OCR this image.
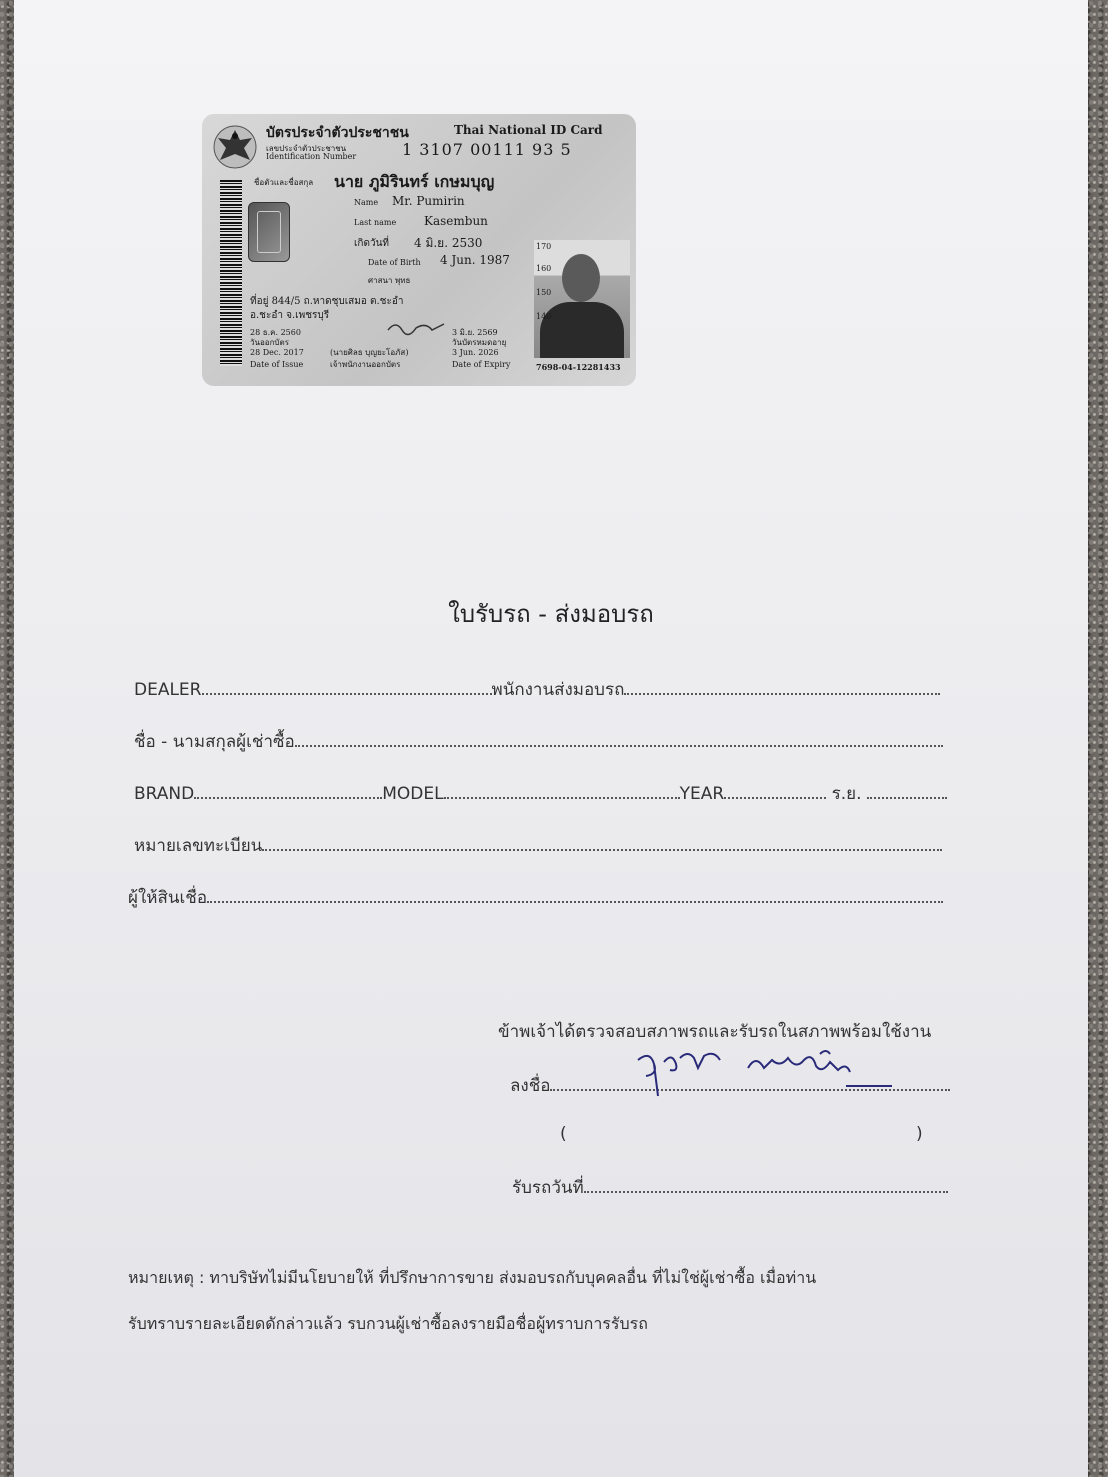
บัตรประจำตัวประชาชน	Thai National ID Card
เลขประจำตัวประชาชน
Identification Number	1 3107 00111 93 5
ชื่อตัวและชื่อสกุล นาย ภูมิรินทร์ เกษมบุญ
Name Mr. Pumirin
Last name Kasembun
เกิดวันที่ 4 มิ.ย. 2530
Date of Birth 4 Jun. 1987
ศาสนา พุทธ
ที่อยู่ 844/5 ถ.หาดชุบเสมอ ต.ชะอำ
อ.ชะอำ จ.เพชรบุรี
28 ธ.ค. 2560
วันออกบัตร
28 Dec. 2017
Date of Issue
(นายศิลธ บุญยะโอภัส)
เจ้าพนักงานออกบัตร
3 มิ.ย. 2569
วันบัตรหมดอายุ
3 Jun. 2026
Date of Expiry
170
160
150
140
7698-04-12281433
ใบรับรถ - ส่งมอบรถ
DEALER	พนักงานส่งมอบรถ
ชื่อ - นามสกุลผู้เช่าซื้อ
BRAND	MODEL	YEAR	ร.ย.
หมายเลขทะเบียน
ผู้ให้สินเชื่อ
ข้าพเจ้าได้ตรวจสอบสภาพรถและรับรถในสภาพพร้อมใช้งาน
ลงชื่อ
(	)
รับรถวันที่
หมายเหตุ : ทาบริษัทไม่มีนโยบายให้ ที่ปรึกษาการขาย ส่งมอบรถกับบุคคลอื่น ที่ไม่ใช่ผู้เช่าซื้อ เมื่อท่าน
รับทราบรายละเอียดดักล่าวแล้ว รบกวนผู้เช่าซื้อลงรายมือชื่อผู้ทราบการรับรถ
